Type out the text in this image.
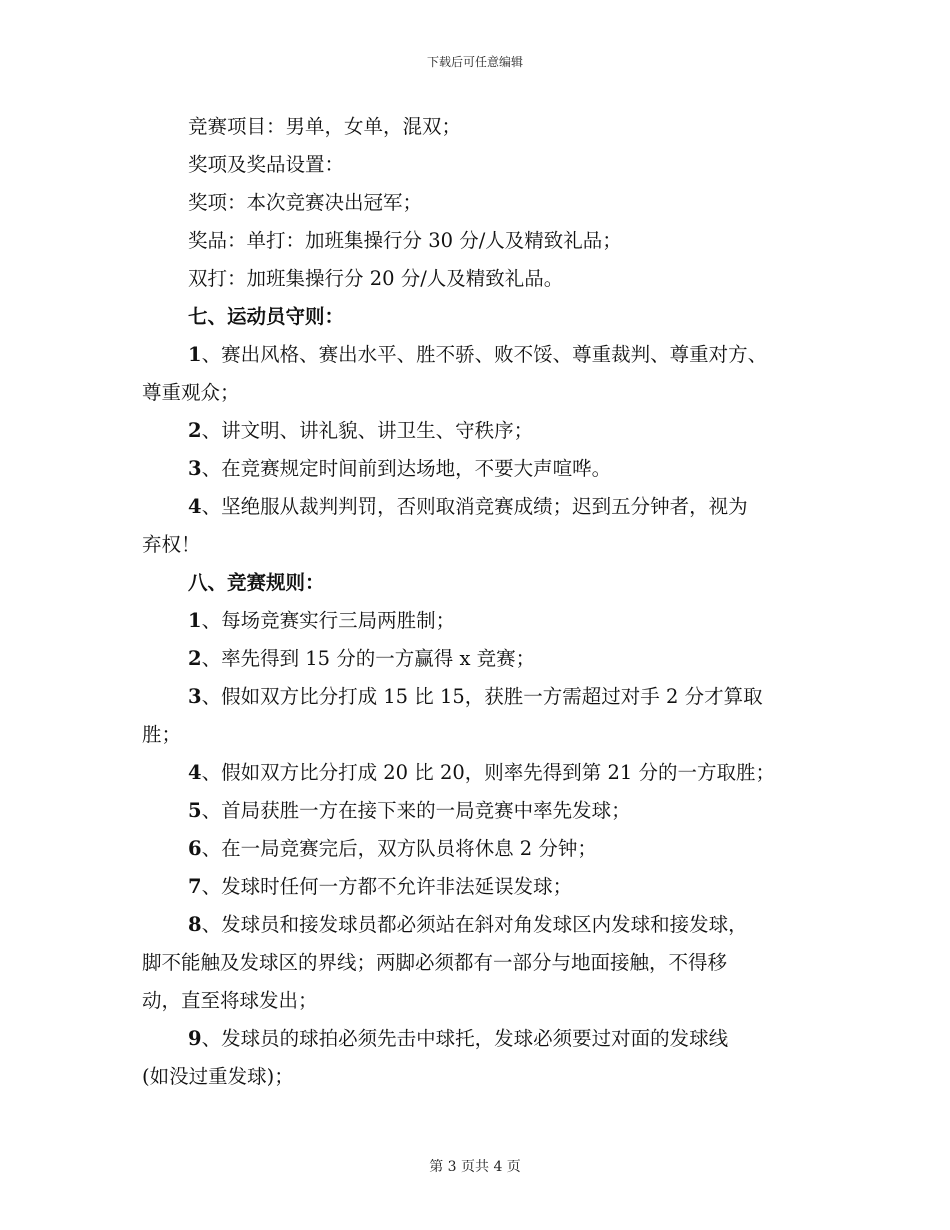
下载后可任意编辑

竞赛项目：男单，女单，混双；

奖项及奖品设置：

奖项：本次竞赛决出冠军；

奖品：单打：加班集操行分 30 分/人及精致礼品；

双打：加班集操行分 20 分/人及精致礼品。

七、运动员守则：

1、赛出风格、赛出水平、胜不骄、败不馁、尊重裁判、尊重对方、

尊重观众；

2、讲文明、讲礼貌、讲卫生、守秩序；

3、在竞赛规定时间前到达场地，不要大声喧哗。

4、坚绝服从裁判判罚，否则取消竞赛成绩；迟到五分钟者，视为

弃权！

八、竞赛规则：

1、每场竞赛实行三局两胜制；

2、率先得到 15 分的一方赢得 x 竞赛；

3、假如双方比分打成 15 比 15，获胜一方需超过对手 2 分才算取

胜；

4、假如双方比分打成 20 比 20，则率先得到第 21 分的一方取胜；

5、首局获胜一方在接下来的一局竞赛中率先发球；

6、在一局竞赛完后，双方队员将休息 2 分钟；

7、发球时任何一方都不允许非法延误发球；

8、发球员和接发球员都必须站在斜对角发球区内发球和接发球，

脚不能触及发球区的界线；两脚必须都有一部分与地面接触，不得移

动，直至将球发出；

9、发球员的球拍必须先击中球托，发球必须要过对面的发球线

(如没过重发球)；

第 3 页共 4 页
